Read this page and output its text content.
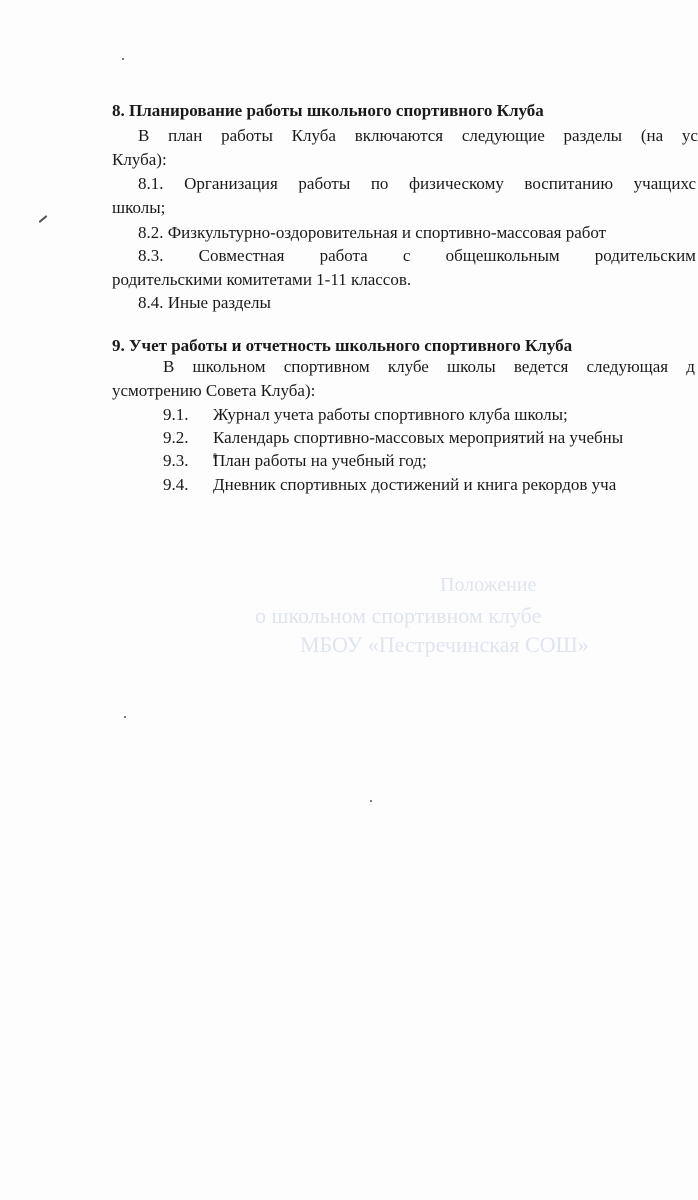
Положение
о школьном спортивном клубе
МБОУ «Пестречинская СОШ»
8. Планирование работы школьного спортивного Клуба
В план работы Клуба включаются следующие разделы (на ус
Клуба):
8.1. Организация работы по физическому воспитанию учащихс
школы;
8.2. Физкультурно-оздоровительная и спортивно-массовая работ
8.3. Совместная работа с общешкольным родительским
родительскими комитетами 1-11 классов.
8.4. Иные разделы
9. Учет работы и отчетность школьного спортивного Клуба
В школьном спортивном клубе школы ведется следующая д
усмотрению Совета Клуба):
9.1. Журнал учета работы спортивного клуба школы;
9.2. Календарь спортивно-массовых мероприятий на учебны
9.3. План работы на учебный год;
9.4. Дневник спортивных достижений и книга рекордов уча
